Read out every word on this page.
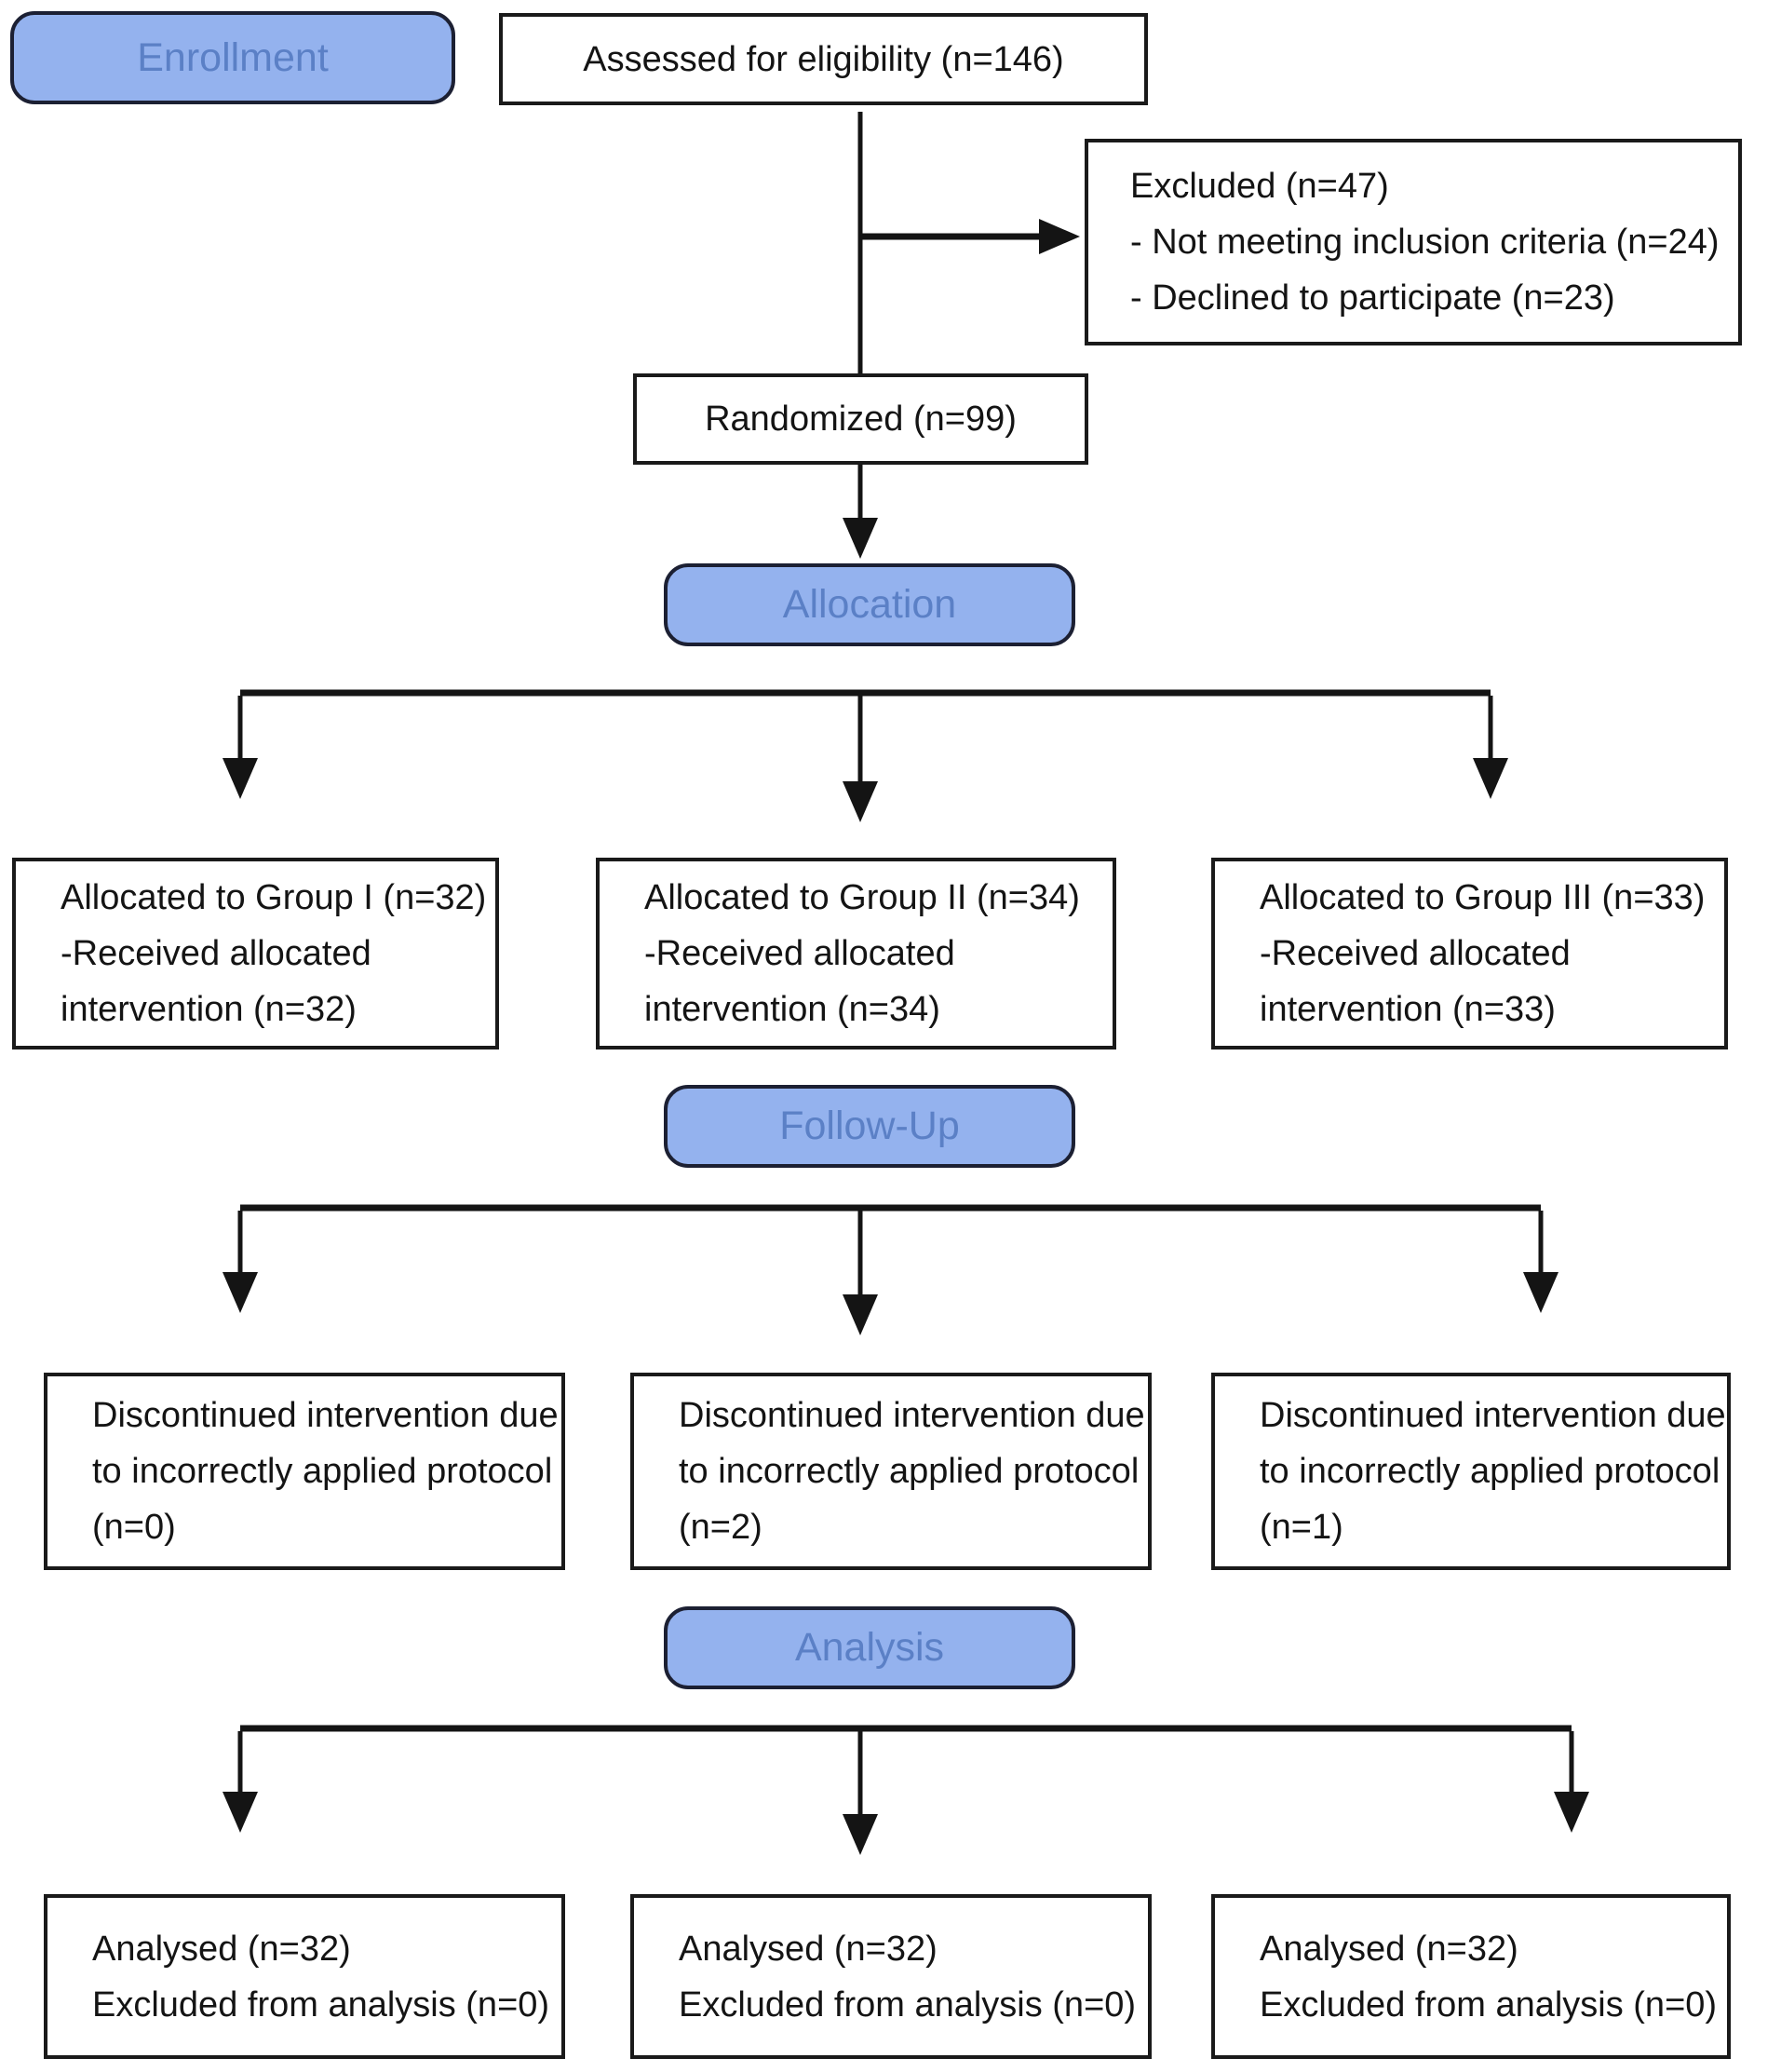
Enrollment
Allocation
Follow-Up
Analysis
Assessed for eligibility (n=146)
Excluded (n=47)
- Not meeting inclusion criteria (n=24)
- Declined to participate (n=23)
Randomized (n=99)
Allocated to Group I (n=32)
-Received allocated
intervention (n=32)
Allocated to Group II (n=34)
-Received allocated
intervention (n=34)
Allocated to Group III (n=33)
-Received allocated
intervention (n=33)
Discontinued intervention due
to incorrectly applied protocol
(n=0)
Discontinued intervention due
to incorrectly applied protocol
(n=2)
Discontinued intervention due
to incorrectly applied protocol
(n=1)
Analysed (n=32)
Excluded from analysis (n=0)
Analysed (n=32)
Excluded from analysis (n=0)
Analysed (n=32)
Excluded from analysis (n=0)
